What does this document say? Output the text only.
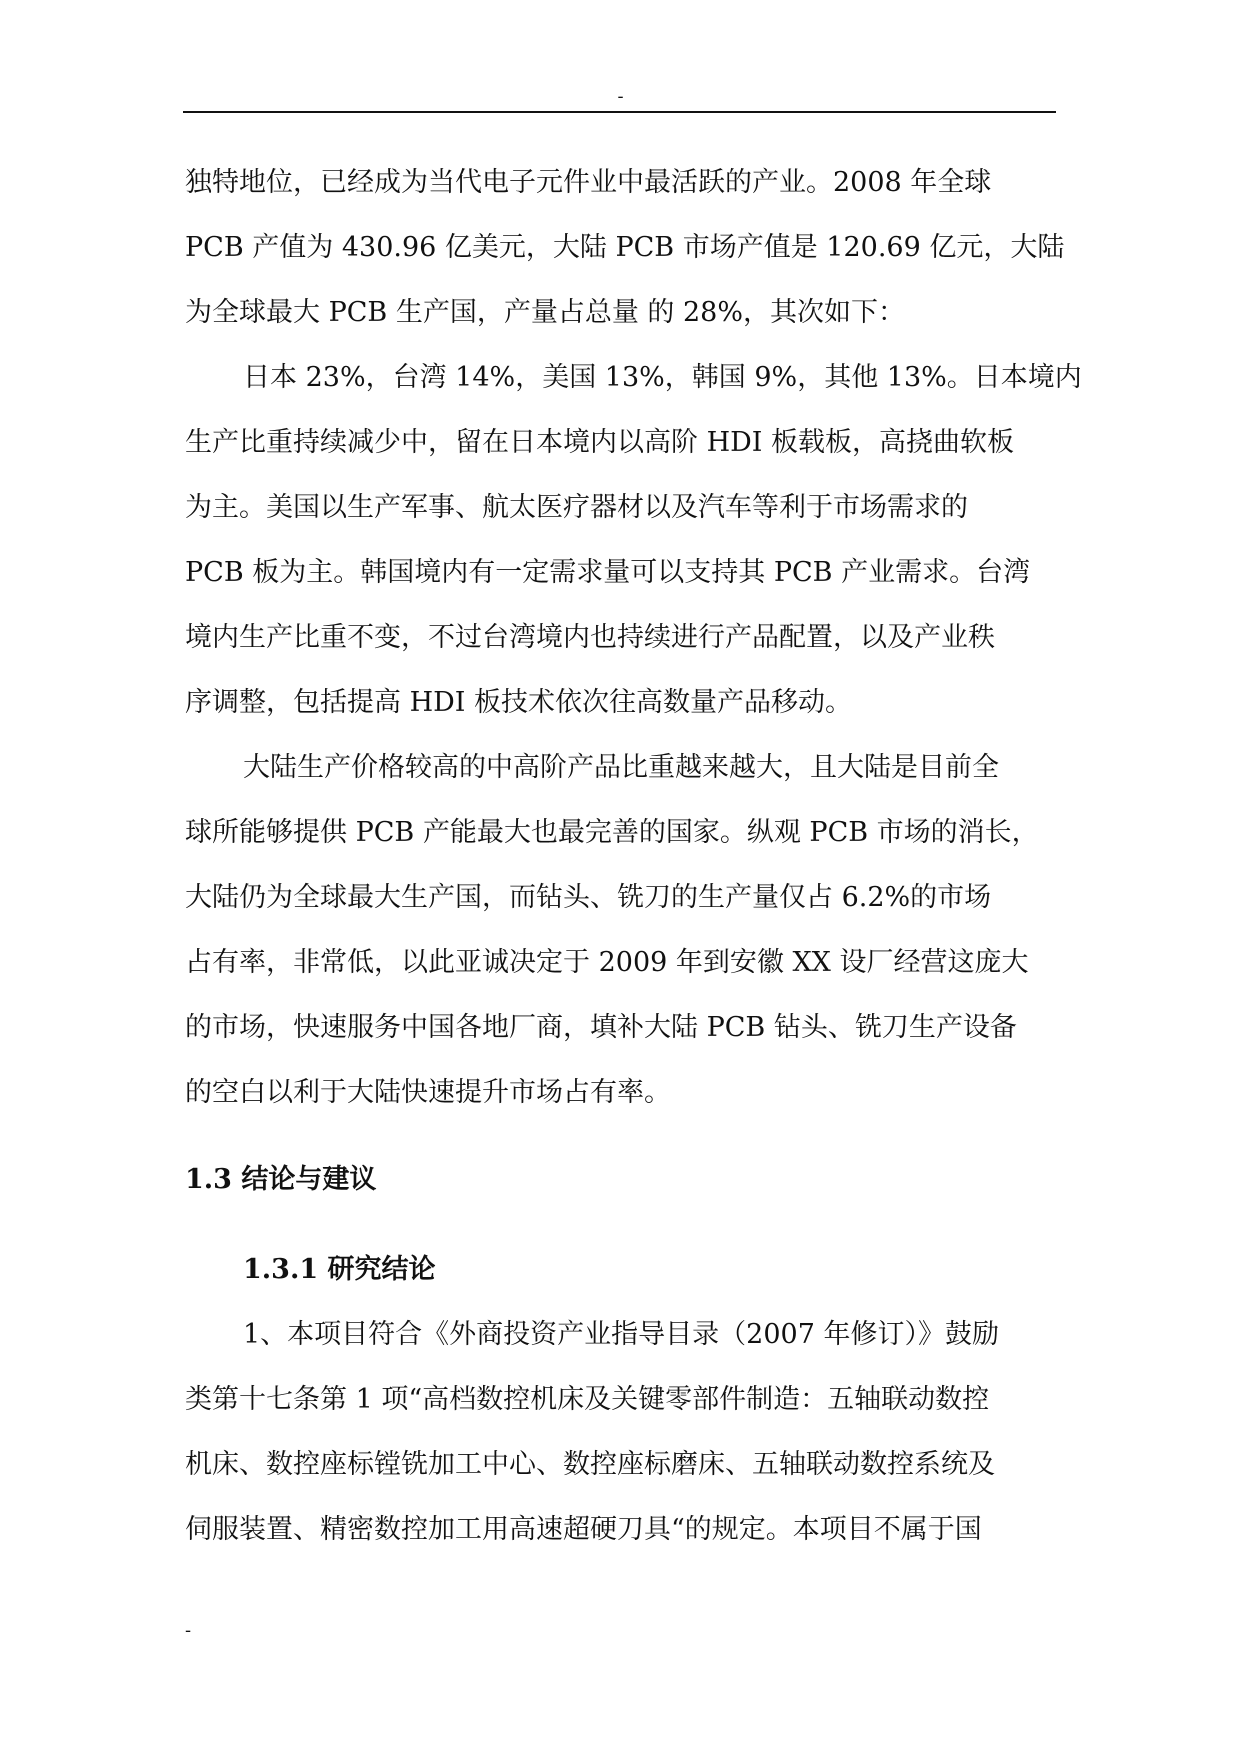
-
独特地位，已经成为当代电子元件业中最活跃的产业。2008 年全球
PCB 产值为 430.96 亿美元，大陆 PCB 市场产值是 120.69 亿元，大陆
为全球最大 PCB 生产国，产量占总量 的 28%，其次如下：
日本 23%，台湾 14%，美国 13%，韩国 9%，其他 13%。日本境内
生产比重持续减少中，留在日本境内以高阶 HDI 板载板，高挠曲软板
为主。美国以生产军事、航太医疗器材以及汽车等利于市场需求的
PCB 板为主。韩国境内有一定需求量可以支持其 PCB 产业需求。台湾
境内生产比重不变，不过台湾境内也持续进行产品配置，以及产业秩
序调整，包括提高 HDI 板技术依次往高数量产品移动。
大陆生产价格较高的中高阶产品比重越来越大，且大陆是目前全
球所能够提供 PCB 产能最大也最完善的国家。纵观 PCB 市场的消长，
大陆仍为全球最大生产国，而钻头、铣刀的生产量仅占 6.2%的市场
占有率，非常低，以此亚诚决定于 2009 年到安徽 XX 设厂经营这庞大
的市场，快速服务中国各地厂商，填补大陆 PCB 钻头、铣刀生产设备
的空白以利于大陆快速提升市场占有率。
1.3 结论与建议
1.3.1 研究结论
1、本项目符合《外商投资产业指导目录（2007 年修订）》鼓励
类第十七条第 1 项“高档数控机床及关键零部件制造：五轴联动数控
机床、数控座标镗铣加工中心、数控座标磨床、五轴联动数控系统及
伺服装置、精密数控加工用高速超硬刀具“的规定。本项目不属于国
-
